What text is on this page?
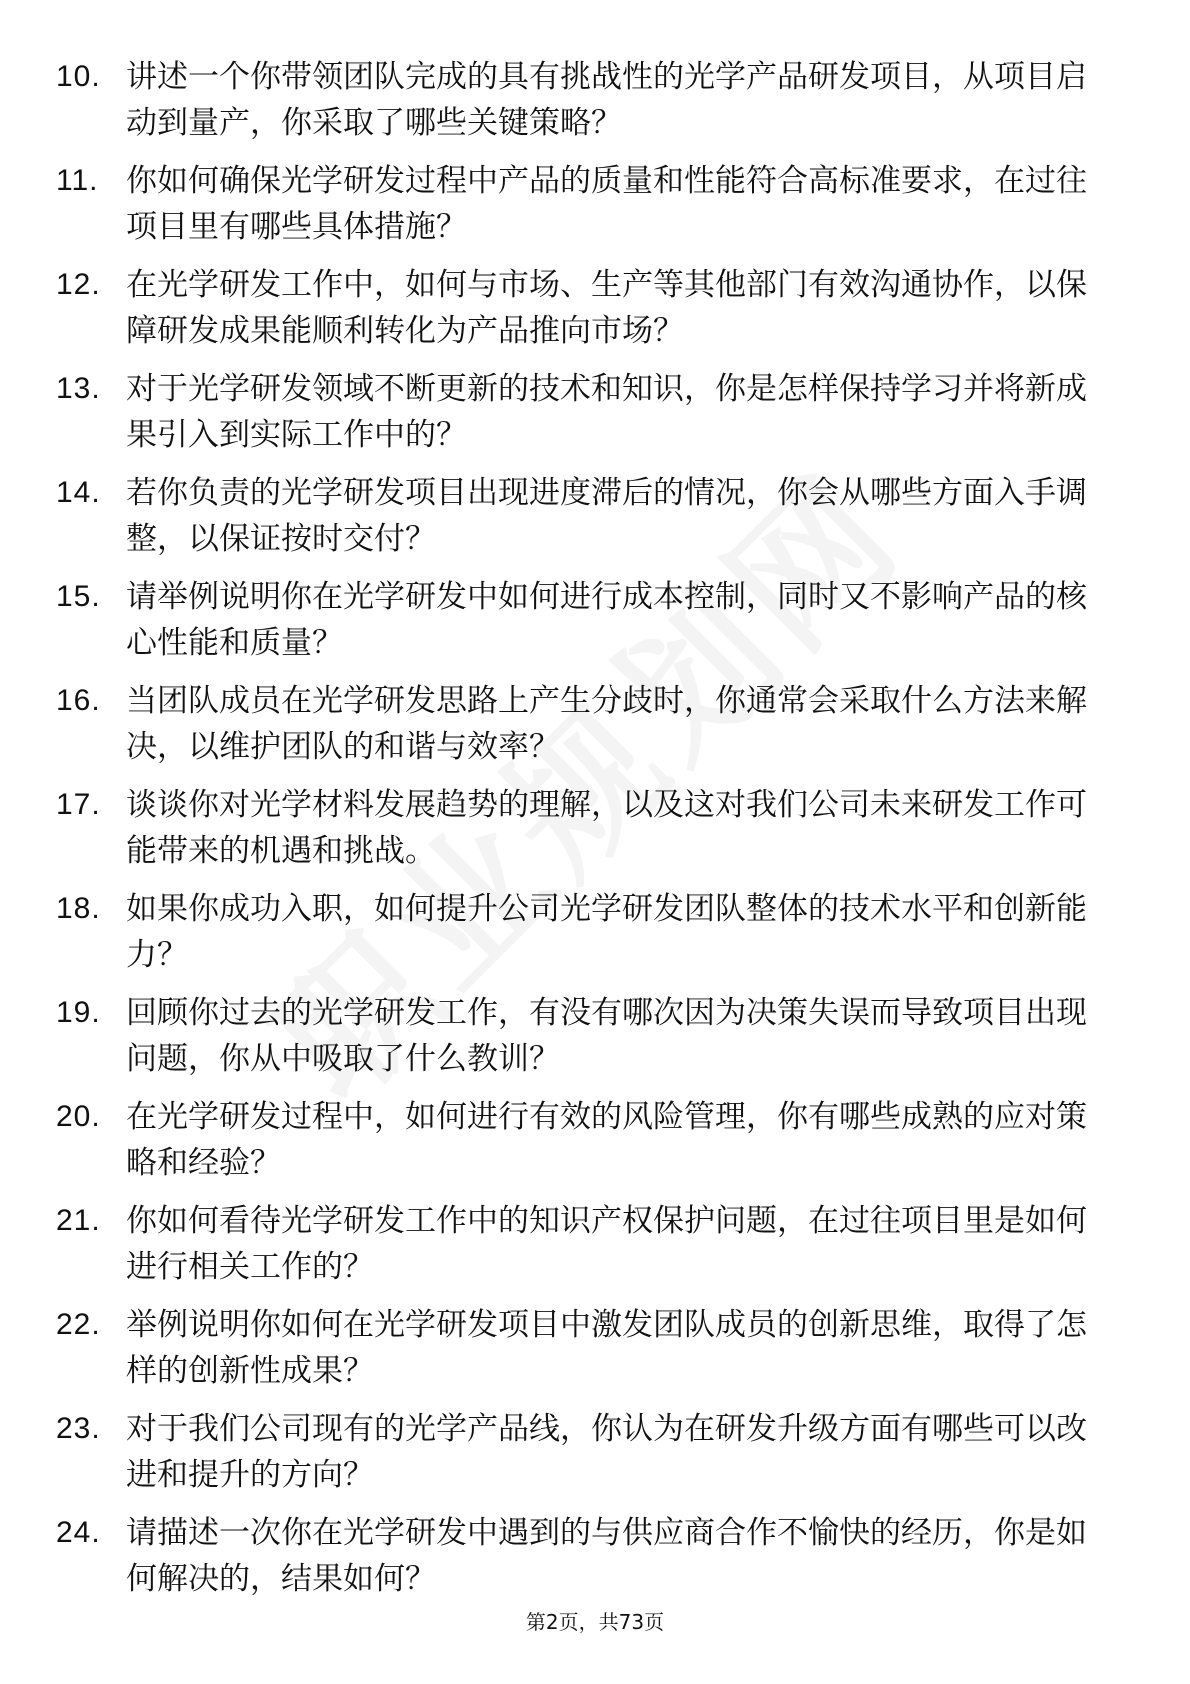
10. 讲述一个你带领团队完成的具有挑战性的光学产品研发项目，从项目启动到量产，你采取了哪些关键策略？
11. 你如何确保光学研发过程中产品的质量和性能符合高标准要求，在过往项目里有哪些具体措施？
12. 在光学研发工作中，如何与市场、生产等其他部门有效沟通协作，以保障研发成果能顺利转化为产品推向市场？
13. 对于光学研发领域不断更新的技术和知识，你是怎样保持学习并将新成果引入到实际工作中的？
14. 若你负责的光学研发项目出现进度滞后的情况，你会从哪些方面入手调整，以保证按时交付？
15. 请举例说明你在光学研发中如何进行成本控制，同时又不影响产品的核心性能和质量？
16. 当团队成员在光学研发思路上产生分歧时，你通常会采取什么方法来解决，以维护团队的和谐与效率？
17. 谈谈你对光学材料发展趋势的理解，以及这对我们公司未来研发工作可能带来的机遇和挑战。
18. 如果你成功入职，如何提升公司光学研发团队整体的技术水平和创新能力？
19. 回顾你过去的光学研发工作，有没有哪次因为决策失误而导致项目出现问题，你从中吸取了什么教训？
20. 在光学研发过程中，如何进行有效的风险管理，你有哪些成熟的应对策略和经验？
21. 你如何看待光学研发工作中的知识产权保护问题，在过往项目里是如何进行相关工作的？
22. 举例说明你如何在光学研发项目中激发团队成员的创新思维，取得了怎样的创新性成果？
23. 对于我们公司现有的光学产品线，你认为在研发升级方面有哪些可以改进和提升的方向？
24. 请描述一次你在光学研发中遇到的与供应商合作不愉快的经历，你是如何解决的，结果如何？
第2页，共73页
